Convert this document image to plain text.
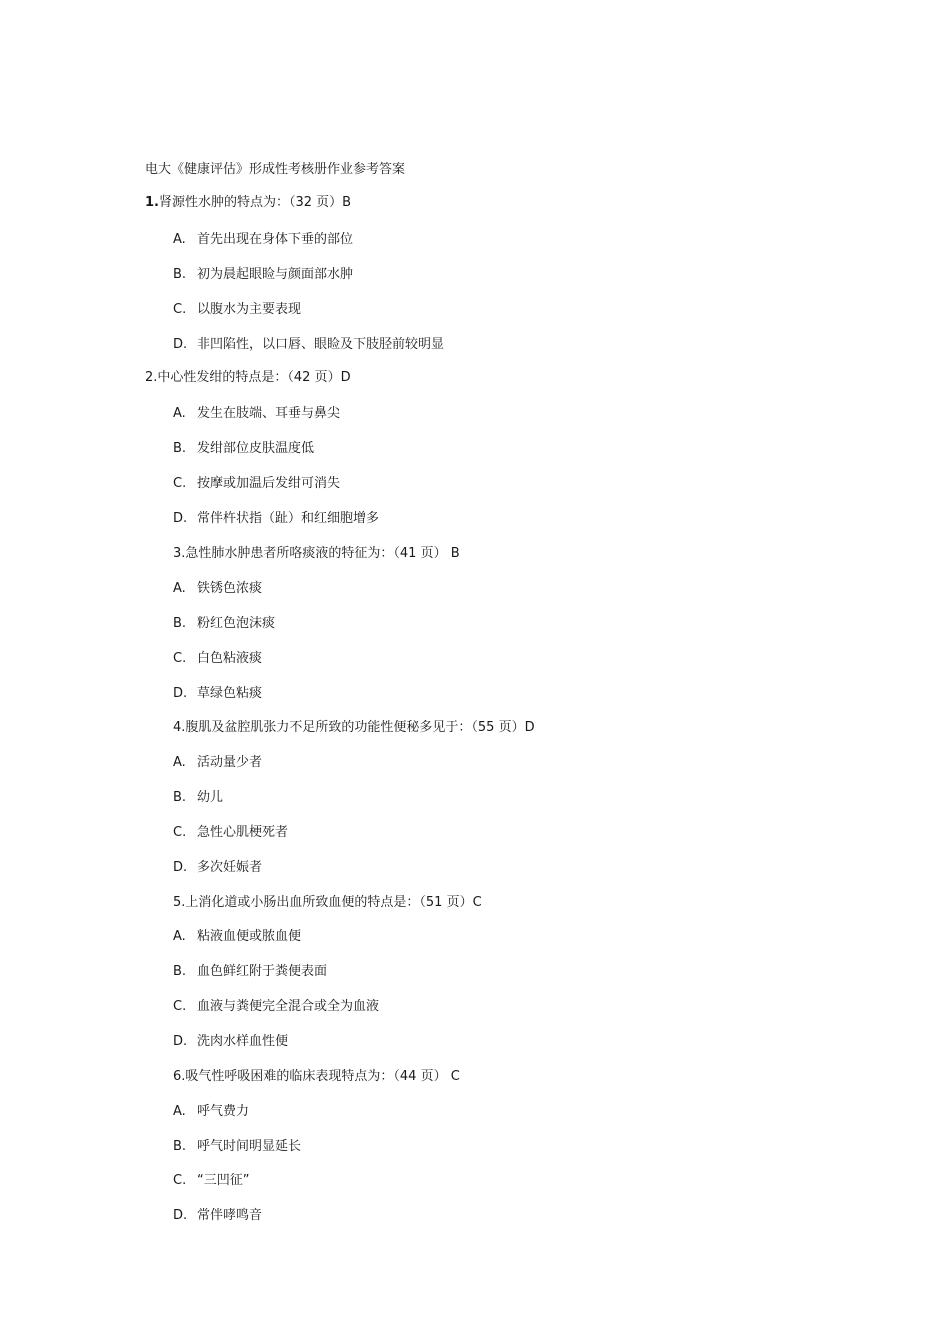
电大《健康评估》形成性考核册作业参考答案
1.肾源性水肿的特点为：（32 页）B
A. 首先出现在身体下垂的部位
B. 初为晨起眼睑与颜面部水肿
C. 以腹水为主要表现
D. 非凹陷性，以口唇、眼睑及下肢胫前较明显
2.中心性发绀的特点是：（42 页）D
A. 发生在肢端、耳垂与鼻尖
B. 发绀部位皮肤温度低
C. 按摩或加温后发绀可消失
D. 常伴杵状指（趾）和红细胞增多
3.急性肺水肿患者所咯痰液的特征为：（41 页） B
A. 铁锈色浓痰
B. 粉红色泡沫痰
C. 白色粘液痰
D. 草绿色粘痰
4.腹肌及盆腔肌张力不足所致的功能性便秘多见于：（55 页）D
A. 活动量少者
B. 幼儿
C. 急性心肌梗死者
D. 多次妊娠者
5.上消化道或小肠出血所致血便的特点是：（51 页）C
A. 粘液血便或脓血便
B. 血色鲜红附于粪便表面
C. 血液与粪便完全混合或全为血液
D. 洗肉水样血性便
6.吸气性呼吸困难的临床表现特点为：（44 页） C
A. 呼气费力
B. 呼气时间明显延长
C. “三凹征”
D. 常伴哮鸣音
